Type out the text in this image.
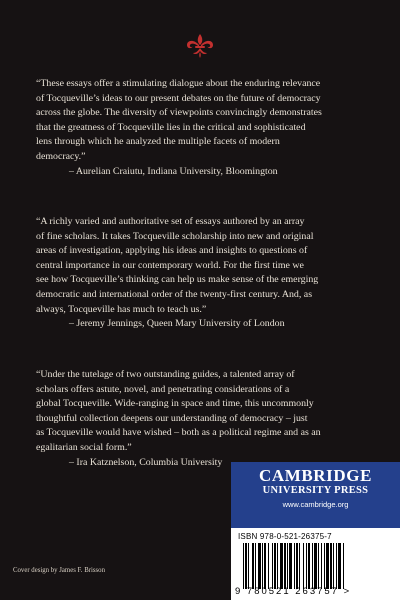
“These essays offer a stimulating dialogue about the enduring relevance

of Tocqueville’s ideas to our present debates on the future of democracy

across the globe. The diversity of viewpoints convincingly demonstrates

that the greatness of Tocqueville lies in the critical and sophisticated

lens through which he analyzed the multiple facets of modern

democracy.”

– Aurelian Craiutu, Indiana University, Bloomington

“A richly varied and authoritative set of essays authored by an array

of fine scholars. It takes Tocqueville scholarship into new and original

areas of investigation, applying his ideas and insights to questions of

central importance in our contemporary world. For the first time we

see how Tocqueville’s thinking can help us make sense of the emerging

democratic and international order of the twenty-first century. And, as

always, Tocqueville has much to teach us.”

– Jeremy Jennings, Queen Mary University of London

“Under the tutelage of two outstanding guides, a talented array of

scholars offers astute, novel, and penetrating considerations of a

global Tocqueville. Wide-ranging in space and time, this uncommonly

thoughtful collection deepens our understanding of democracy – just

as Tocqueville would have wished – both as a political regime and as an

egalitarian social form.”

– Ira Katznelson, Columbia University

CAMBRIDGE
UNIVERSITY PRESS
www.cambridge.org
ISBN 978-0-521-26375-7
9 780521 263757 >
Cover design by James F. Brisson
